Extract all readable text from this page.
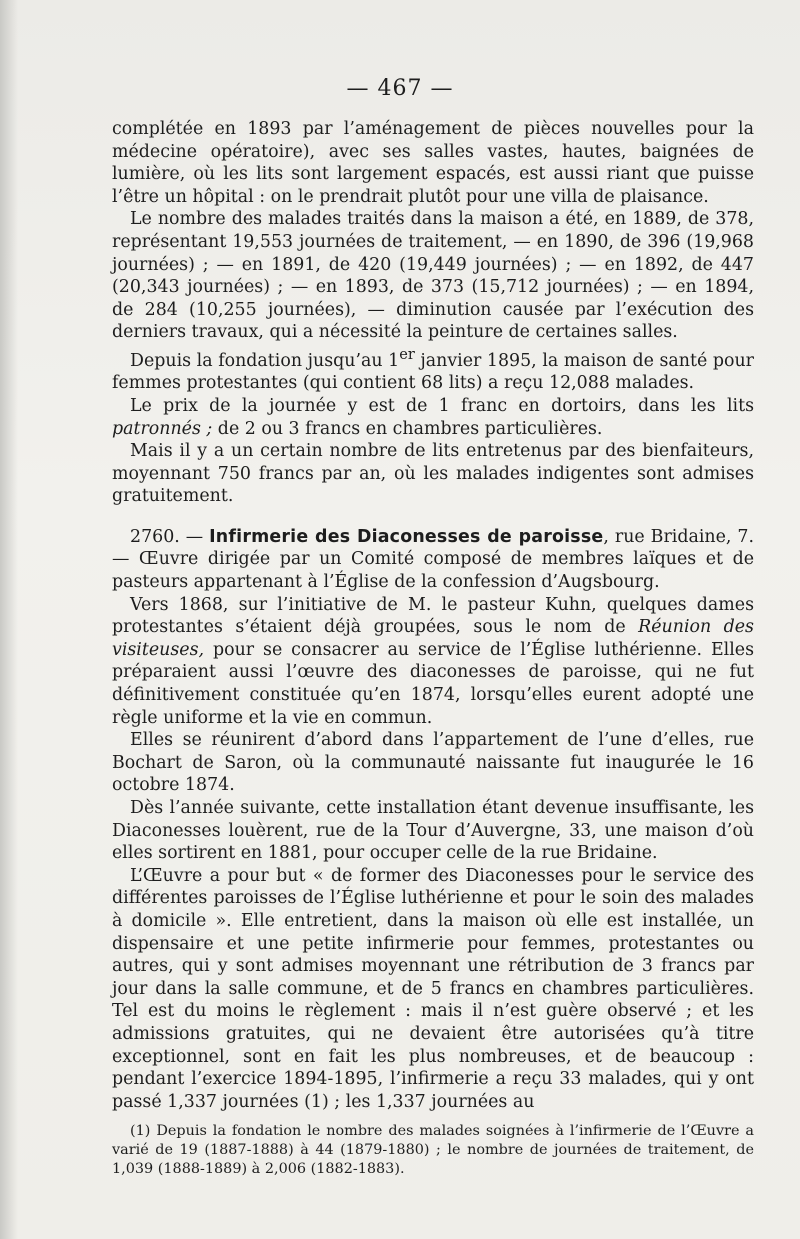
— 467 —

complétée en 1893 par l’aménagement de pièces nouvelles pour la médecine opératoire), avec ses salles vastes, hautes, baignées de lumière, où les lits sont largement espacés, est aussi riant que puisse l’être un hôpital : on le prendrait plutôt pour une villa de plaisance.

Le nombre des malades traités dans la maison a été, en 1889, de 378, représentant 19,553 journées de traitement, — en 1890, de 396 (19,968 journées) ; — en 1891, de 420 (19,449 journées) ; — en 1892, de 447 (20,343 journées) ; — en 1893, de 373 (15,712 journées) ; — en 1894, de 284 (10,255 journées), — diminution causée par l’exécution des derniers travaux, qui a nécessité la peinture de certaines salles.

Depuis la fondation jusqu’au 1er janvier 1895, la maison de santé pour femmes protestantes (qui contient 68 lits) a reçu 12,088 malades.

Le prix de la journée y est de 1 franc en dortoirs, dans les lits patronnés ; de 2 ou 3 francs en chambres particulières.

Mais il y a un certain nombre de lits entretenus par des bienfaiteurs, moyennant 750 francs par an, où les malades indigentes sont admises gratuitement.

2760. — Infirmerie des Diaconesses de paroisse, rue Bridaine, 7. — Œuvre dirigée par un Comité composé de membres laïques et de pasteurs appartenant à l’Église de la confession d’Augsbourg.

Vers 1868, sur l’initiative de M. le pasteur Kuhn, quelques dames protestantes s’étaient déjà groupées, sous le nom de Réunion des visiteuses, pour se consacrer au service de l’Église luthérienne. Elles préparaient aussi l’œuvre des diaconesses de paroisse, qui ne fut définitivement constituée qu’en 1874, lorsqu’elles eurent adopté une règle uniforme et la vie en commun.

Elles se réunirent d’abord dans l’appartement de l’une d’elles, rue Bochart de Saron, où la communauté naissante fut inaugurée le 16 octobre 1874.

Dès l’année suivante, cette installation étant devenue insuffisante, les Diaconesses louèrent, rue de la Tour d’Auvergne, 33, une maison d’où elles sortirent en 1881, pour occuper celle de la rue Bridaine.

L’Œuvre a pour but « de former des Diaconesses pour le service des différentes paroisses de l’Église luthérienne et pour le soin des malades à domicile ». Elle entretient, dans la maison où elle est installée, un dispensaire et une petite infirmerie pour femmes, protestantes ou autres, qui y sont admises moyennant une rétribution de 3 francs par jour dans la salle commune, et de 5 francs en chambres particulières. Tel est du moins le règlement : mais il n’est guère observé ; et les admissions gratuites, qui ne devaient être autorisées qu’à titre exceptionnel, sont en fait les plus nombreuses, et de beaucoup : pendant l’exercice 1894-1895, l’infirmerie a reçu 33 malades, qui y ont passé 1,337 journées (1) ; les 1,337 journées au

(1) Depuis la fondation le nombre des malades soignées à l’infirmerie de l’Œuvre a varié de 19 (1887-1888) à 44 (1879-1880) ; le nombre de journées de traitement, de 1,039 (1888-1889) à 2,006 (1882-1883).
